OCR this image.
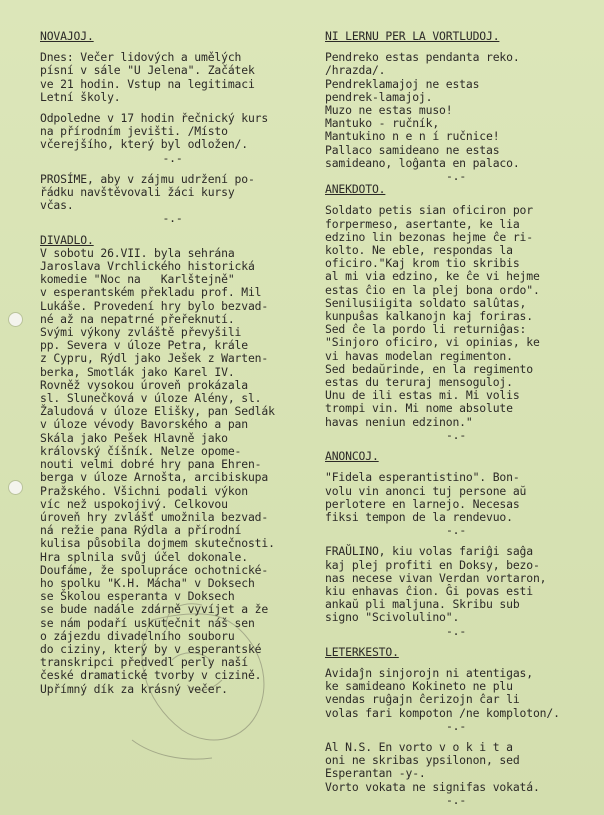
NOVAJOJ.

Dnes: Večer lidových a umělých

písní v sále "U Jelena". Začátek

ve 21 hodin. Vstup na legitimaci

Letní školy.

Odpoledne v 17 hodin řečnický kurs

na přírodním jevišti. /Místo

včerejšího, který byl odložen/.

-.-

PROSÍME, aby v zájmu udržení po-

řádku navštěvovali žáci kursy

včas.

-.-

DIVADLO.

V sobotu 26.VII. byla sehrána

Jaroslava Vrchlického historická

komedie "Noc na   Karlštejně"

v esperantském překladu prof. Mil

Lukáše. Provedení hry bylo bezvad-

né až na nepatrné přeřeknutí.

Svými výkony zvláště převyšili

pp. Severa v úloze Petra, krále

z Cypru, Rýdl jako Ješek z Warten-

berka, Smotlák jako Karel IV.

Rovněž vysokou úroveň prokázala

sl. Slunečková v úloze Alény, sl.

Žaludová v úloze Elišky, pan Sedlák

v úloze vévody Bavorského a pan

Skála jako Pešek Hlavně jako

královský číšník. Nelze opome-

nouti velmi dobré hry pana Ehren-

berga v úloze Arnošta, arcibiskupa

Pražského. Všichni podali výkon

víc než uspokojivý. Celkovou

úroveň hry zvlášť umožnila bezvad-

ná režie pana Rýdla a přírodní

kulisa působila dojmem skutečnosti.

Hra splnila svůj účel dokonale.

Doufáme, že spoluprácе ochotnické-

ho spolku "K.H. Mácha" v Doksech

se Školou esperanta v Doksech

se bude nadále zdárně vyvíjet a že

se nám podaří uskutečnit náš sen

o zájezdu divadelního souboru

do ciziny, který by v esperantské

transkripci předvedl perly naší

české dramatické tvorby v cizině.

Upřímný dík za krásný večer.

NI LERNU PER LA VORTLUDOJ.

Pendreko estas pendanta reko.

/hrazda/.

Pendreklamajoj ne estas

pendrek-lamajoj.

Muzo ne estas muso!

Mantuko - ručník,

Mantukino n e n í ručnice!

Pallaco samideano ne estas

samideano, loĝanta en palaco.

-.-

ANEKDOTO.

Soldato petis sian oficiron por

forpermeso, asertante, ke lia

edzino lin bezonas hejme ĉe ri-

kolto. Ne eble, respondas la

oficiro."Kaj krom tio skribis

al mi via edzino, ke ĉe vi hejme

estas ĉio en la plej bona ordo".

Senilusiigita soldato salûtas,

kunpuŝas kalkanojn kaj foriras.

Sed ĉe la pordo li returniĝas:

"Sinjoro oficiro, vi opinias, ke

vi havas modelan regimenton.

Sed bedaŭrinde, en la regimento

estas du teruraj mensoguloj.

Unu de ili estas mi. Mi volis

trompi vin. Mi nome absolute

havas neniun edzinon."

-.-

ANONCOJ.

"Fidela esperantistino". Bon-

volu vin anonci tuj persone aŭ

perlotere en larnejo. Necesas

fiksi tempon de la rendevuo.

-.-

FRAŬLINO, kiu volas fariĝi saĝa

kaj plej profiti en Doksy, bezo-

nas necese vivan Verdan vortaron,

kiu enhavas ĉion. Ĝi povas esti

ankaŭ pli maljuna. Skribu sub

signo "Scivolulino".

-.-

LETERKESTO.

Avidaĵn sinjorojn ni atentigas,

ke samideano Kokineto ne plu

vendas ruĝajn ĉerizojn ĉar li

volas fari kompoton /ne komploton/.

-.-

Al N.S. En vorto v o k i t a

oni ne skribas ypsilonon, sed

Esperantan -y-.

Vorto vokata ne signifas vokatá.

-.-
